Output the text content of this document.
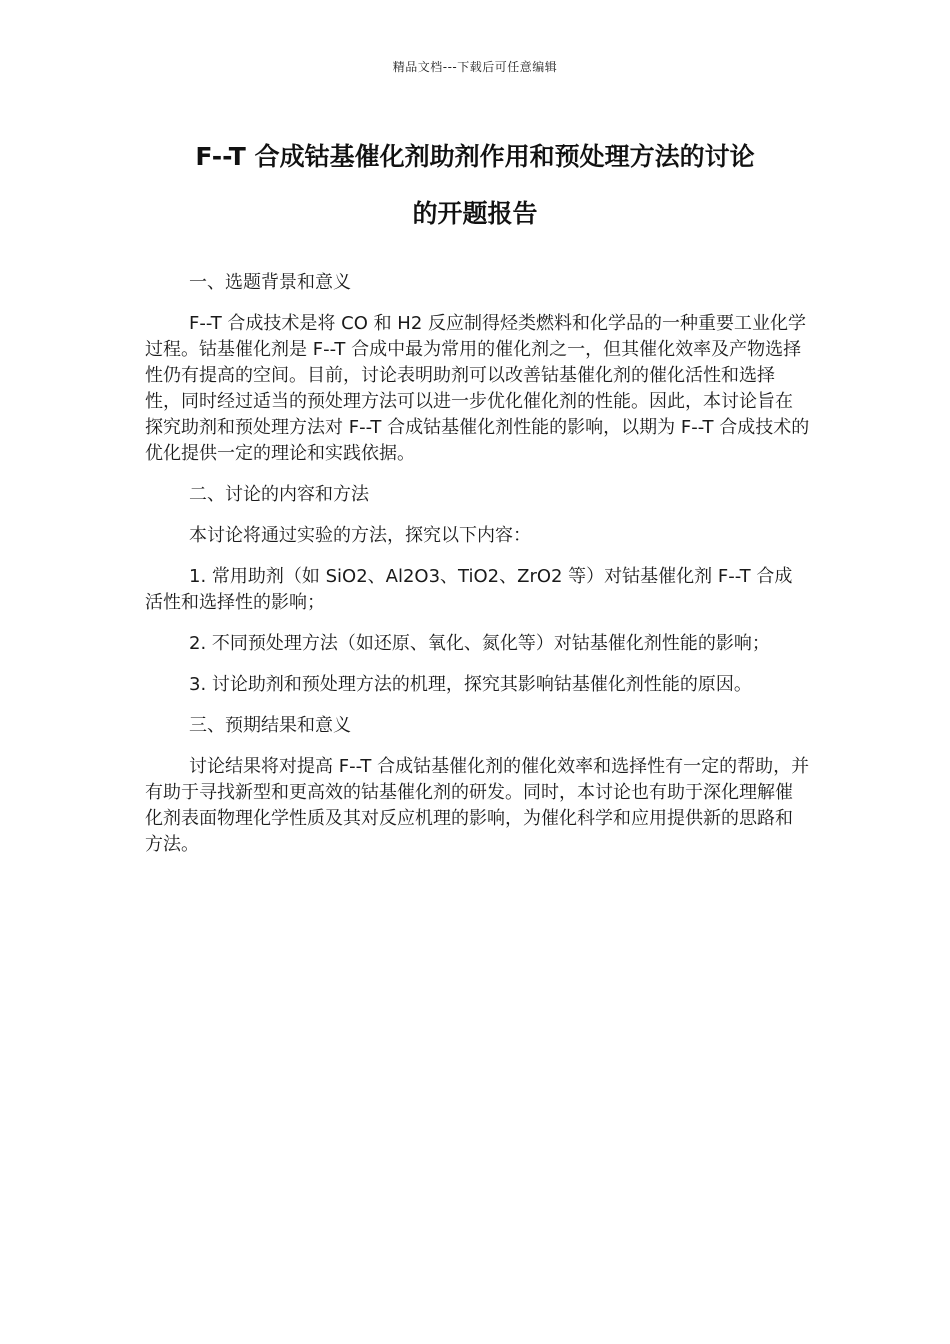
精品文档---下载后可任意编辑
F--T 合成钴基催化剂助剂作用和预处理方法的讨论
的开题报告

一、选题背景和意义

F--T 合成技术是将 CO 和 H2 反应制得烃类燃料和化学品的一种重要工业化学过程。钴基催化剂是 F--T 合成中最为常用的催化剂之一，但其催化效率及产物选择性仍有提高的空间。目前，讨论表明助剂可以改善钴基催化剂的催化活性和选择性，同时经过适当的预处理方法可以进一步优化催化剂的性能。因此，本讨论旨在探究助剂和预处理方法对 F--T 合成钴基催化剂性能的影响，以期为 F--T 合成技术的优化提供一定的理论和实践依据。

二、讨论的内容和方法

本讨论将通过实验的方法，探究以下内容：

1. 常用助剂（如 SiO2、Al2O3、TiO2、ZrO2 等）对钴基催化剂 F--T 合成活性和选择性的影响；

2. 不同预处理方法（如还原、氧化、氮化等）对钴基催化剂性能的影响；

3. 讨论助剂和预处理方法的机理，探究其影响钴基催化剂性能的原因。

三、预期结果和意义

讨论结果将对提高 F--T 合成钴基催化剂的催化效率和选择性有一定的帮助，并有助于寻找新型和更高效的钴基催化剂的研发。同时，本讨论也有助于深化理解催化剂表面物理化学性质及其对反应机理的影响，为催化科学和应用提供新的思路和方法。
